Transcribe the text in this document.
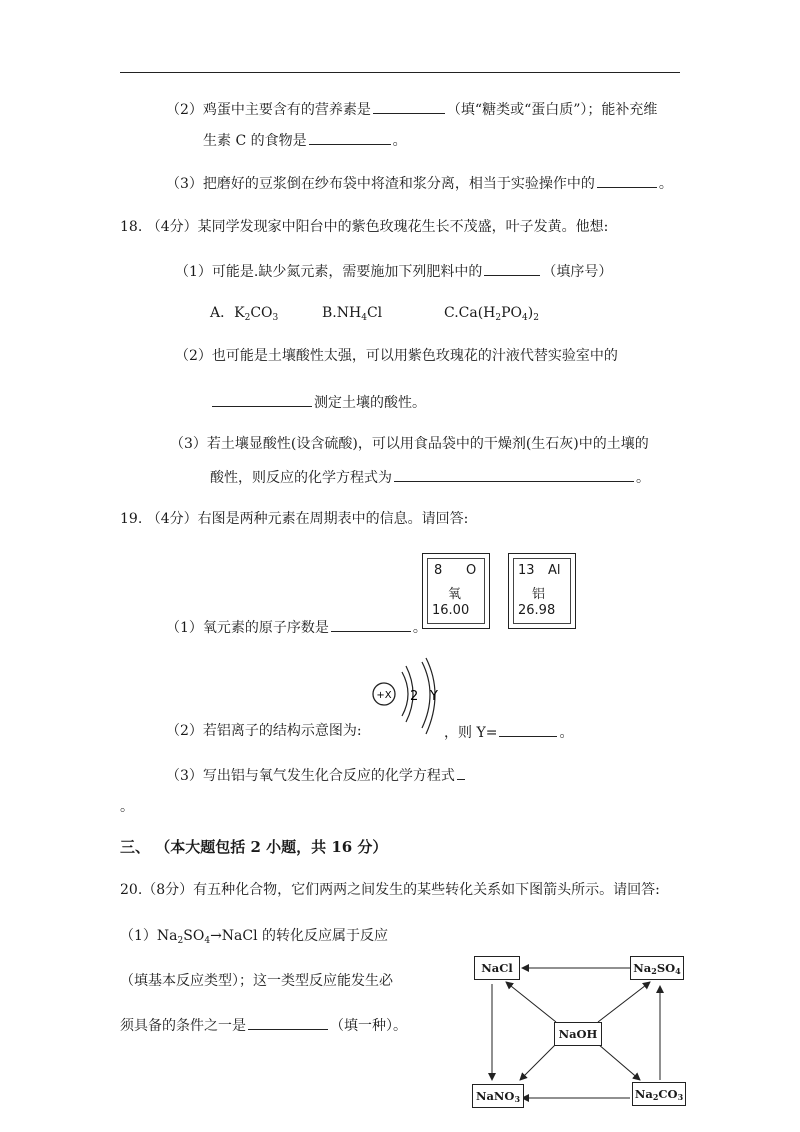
（2）鸡蛋中主要含有的营养素是	（填“糖类或“蛋白质”）；能补充维
生素 C 的食物是	。
（3）把磨好的豆浆倒在纱布袋中将渣和浆分离，相当于实验操作中的	。
18. （4分）某同学发现家中阳台中的紫色玫瑰花生长不茂盛，叶子发黄。他想:
（1）可能是.缺少氮元素，需要施加下列肥料中的	（填序号）
A．$K_2CO_3$	$B.NH_4Cl$	$C.Ca(H_2PO_4)_2$
（2）也可能是土壤酸性太强，可以用紫色玫瑰花的汁液代替实验室中的
测定土壤的酸性。
（3）若土壤显酸性(设含硫酸)，可以用食品袋中的干燥剂(生石灰)中的土壤的
酸性，则反应的化学方程式为	。
19. （4分）右图是两种元素在周期表中的信息。请回答:
8 O
氧
16.00
13 Al
铝
26.98
（1）氧元素的原子序数是	。
+X 2 Y
（2）若铝离子的结构示意图为:	，则 Y=	。
（3）写出铝与氧气发生化合反应的化学方程式
。
三、 （本大题包括 2 小题，共 16 分）
20.（8分）有五种化合物，它们两两之间发生的某些转化关系如下图箭头所示。请回答:
$(1)Na_2SO_4\to NaCl$ 的转化反应属于反应
（填基本反应类型）；这一类型反应能发生必
须具备的条件之一是	（填一种）。
NaCl	$Na_2SO_4$
NaOH
NaNO$_3$	$Na_2CO_3$
